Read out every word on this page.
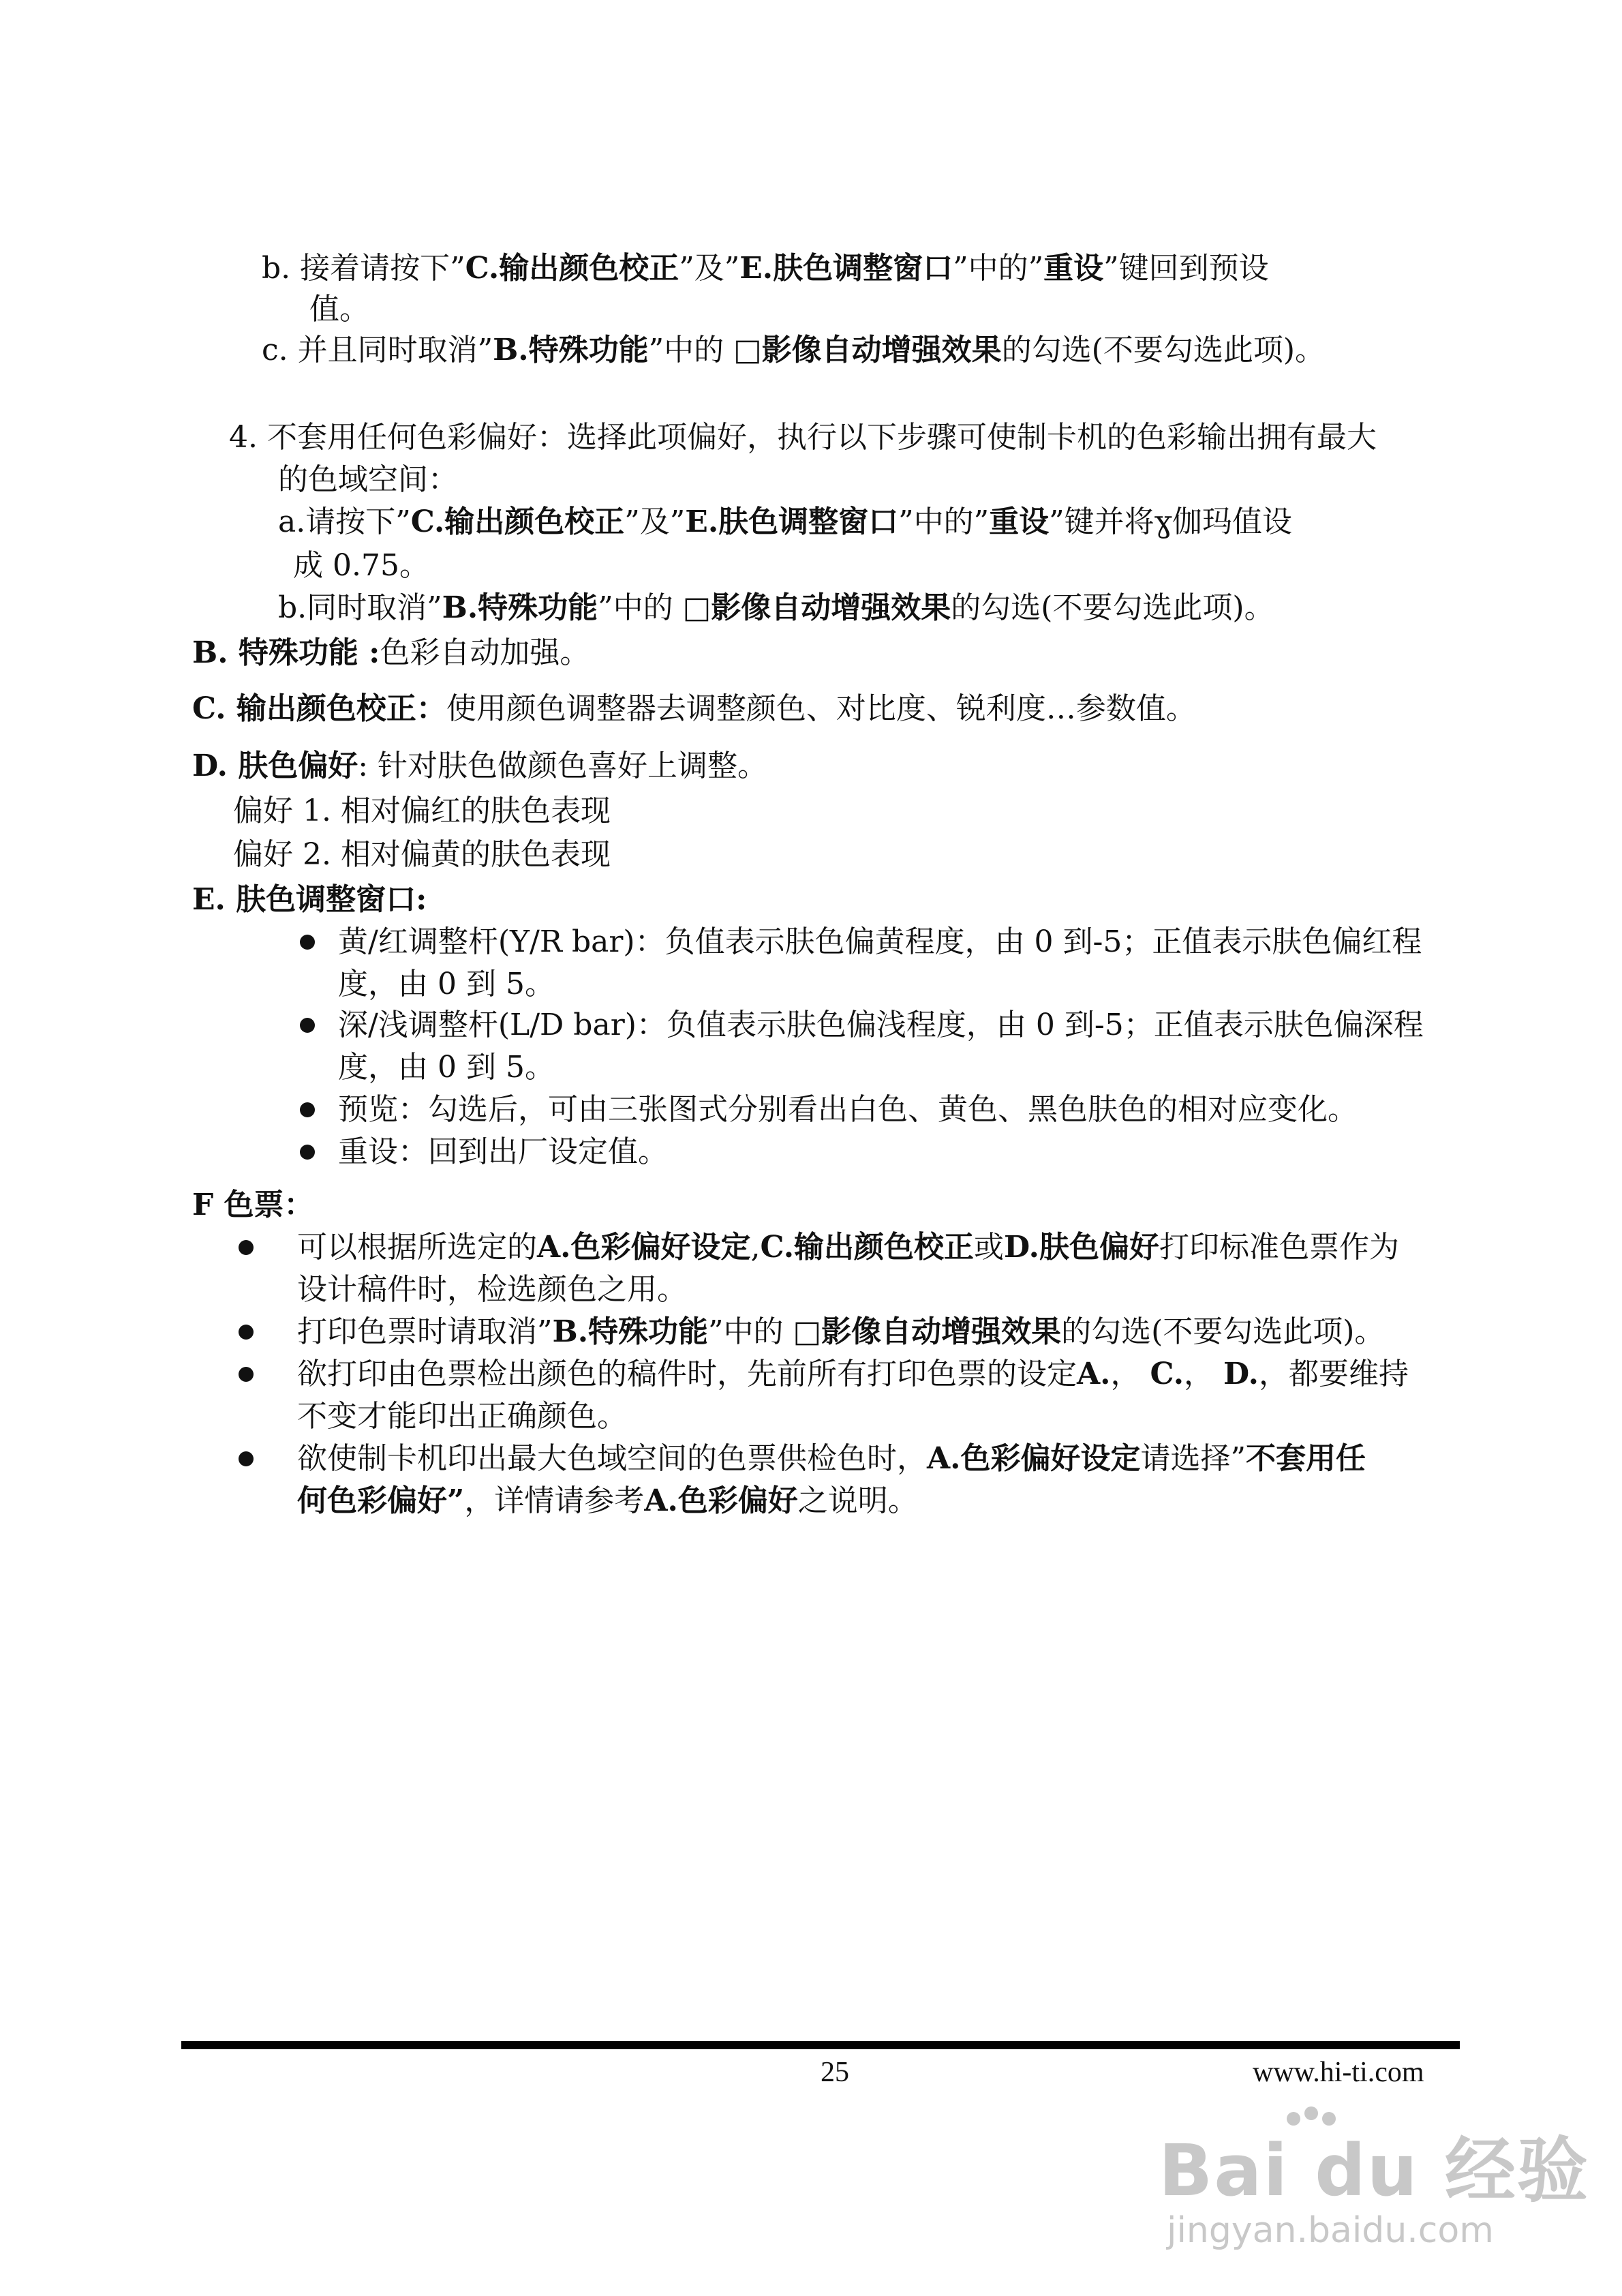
b. 接着请按下”C.输出颜色校正”及”E.肤色调整窗口”中的”重设”键回到预设
值。
c. 并且同时取消”B.特殊功能”中的 □影像自动增强效果的勾选(不要勾选此项)。
4. 不套用任何色彩偏好：选择此项偏好，执行以下步骤可使制卡机的色彩输出拥有最大
的色域空间：
a.请按下”C.输出颜色校正”及”E.肤色调整窗口”中的”重设”键并将ɣ伽玛值设
成 0.75。
b.同时取消”B.特殊功能”中的 □影像自动增强效果的勾选(不要勾选此项)。
B. 特殊功能 :色彩自动加强。
C. 输出颜色校正：使用颜色调整器去调整颜色、对比度、锐利度…参数值。
D. 肤色偏好: 针对肤色做颜色喜好上调整。
偏好 1. 相对偏红的肤色表现
偏好 2. 相对偏黄的肤色表现
E. 肤色调整窗口:
黄/红调整杆(Y/R bar)：负值表示肤色偏黄程度，由 0 到-5；正值表示肤色偏红程
度，由 0 到 5。
深/浅调整杆(L/D bar)：负值表示肤色偏浅程度，由 0 到-5；正值表示肤色偏深程
度，由 0 到 5。
预览：勾选后，可由三张图式分别看出白色、黄色、黑色肤色的相对应变化。
重设：回到出厂设定值。
F 色票：
可以根据所选定的A.色彩偏好设定,C.输出颜色校正或D.肤色偏好打印标准色票作为
设计稿件时，检选颜色之用。
打印色票时请取消”B.特殊功能”中的 □影像自动增强效果的勾选(不要勾选此项)。
欲打印由色票检出颜色的稿件时，先前所有打印色票的设定A.， C.， D.，都要维持
不变才能印出正确颜色。
欲使制卡机印出最大色域空间的色票供检色时，A.色彩偏好设定请选择”不套用任
何色彩偏好”，详情请参考A.色彩偏好之说明。
25	www.hi-ti.com
Bai du 经验
jingyan.baidu.com
